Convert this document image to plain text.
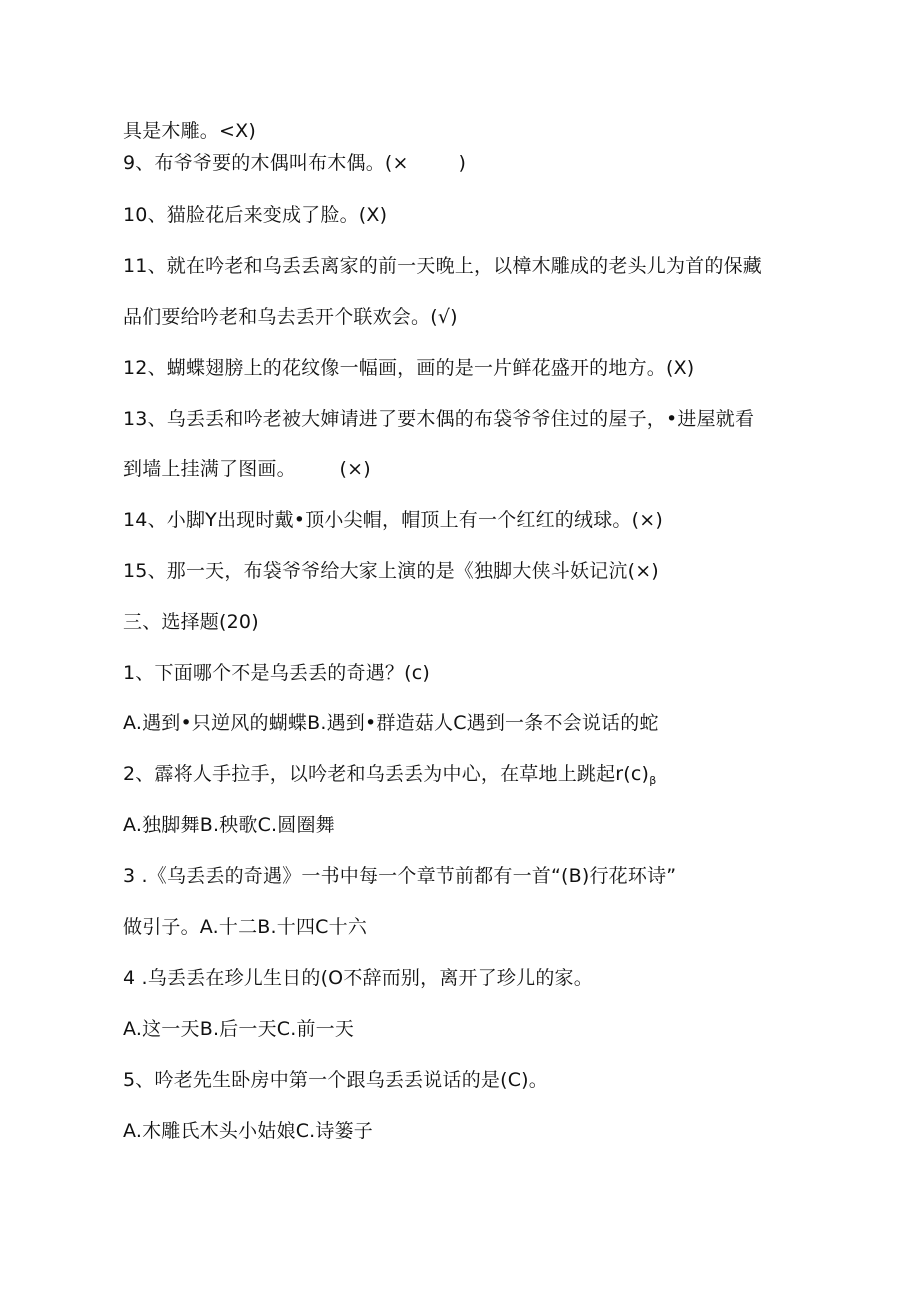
具是木雕。<X)
9、布爷爷要的木偶叫布木偶。(×        )
10、猫脸花后来变成了脸。(X)
11、就在吟老和乌丢丢离家的前一天晚上，以樟木雕成的老头儿为首的保藏
品们要给吟老和乌去丢开个联欢会。(√)
12、蝴蝶翅膀上的花纹像一幅画，画的是一片鲜花盛开的地方。(X)
13、乌丢丢和吟老被大婶请进了要木偶的布袋爷爷住过的屋子，•进屋就看
到墙上挂满了图画。       (×)
14、小脚Y出现时戴•顶小尖帽，帽顶上有一个红红的绒球。(×)
15、那一天，布袋爷爷给大家上演的是《独脚大侠斗妖记沆(×)
三、选择题(20)
1、下面哪个不是乌丢丢的奇遇？(c)
A.遇到•只逆风的蝴蝶B.遇到•群造菇人C遇到一条不会说话的蛇
2、霹将人手拉手，以吟老和乌丢丢为中心，在草地上跳起$r(c)_\beta$
A.独脚舞B.秧歌C.圆圈舞
3 .《乌丢丢的奇遇》一书中每一个章节前都有一首“(B)行花环诗”
做引子。A.十二B.十四C十六
4 .乌丢丢在珍儿生日的(O不辞而别，离开了珍儿的家。
A.这一天B.后一天C.前一天
5、吟老先生卧房中第一个跟乌丢丢说话的是(C)。
A.木雕氏木头小姑娘C.诗篓子
